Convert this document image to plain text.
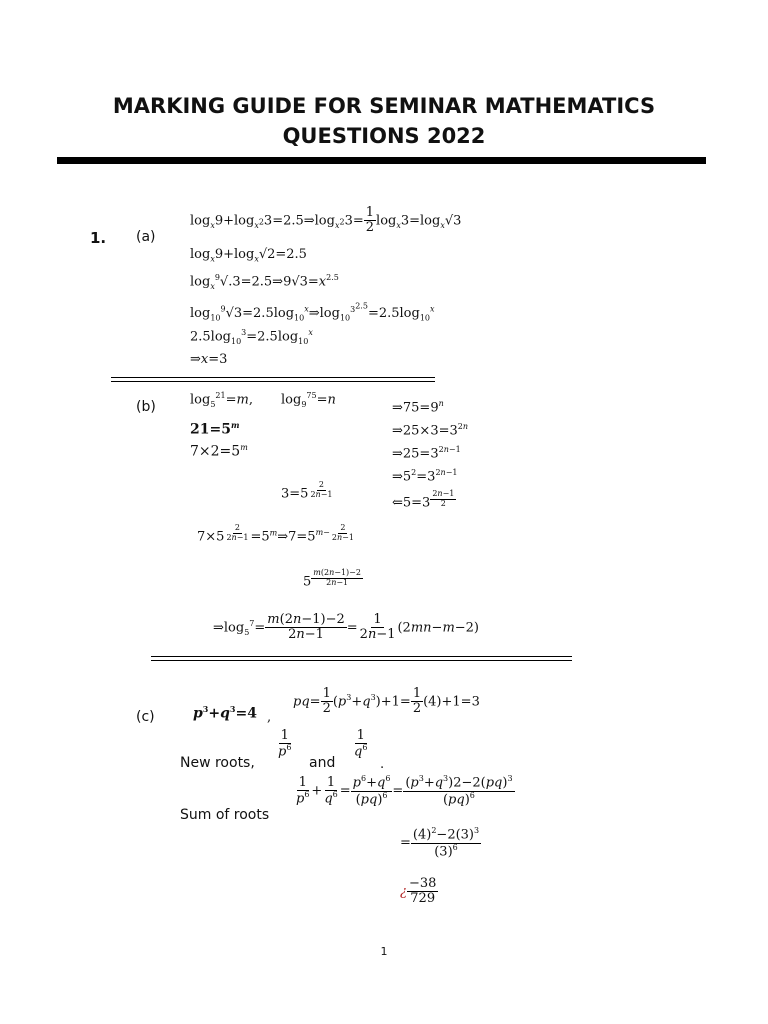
MARKING GUIDE FOR SEMINAR MATHEMATICS
QUESTIONS 2022
1. (a)
$\log_x9+\log_{x^2}3=2.5\Rightarrow\log_{x^2}3= \frac{1}{2} \log_x3=\log_x√3$
$\log_x9+\log_x√2=2.5$
$\log_x^9√.3=2.5\Rightarrow 9√3=x^{2.5}$
$\log_{10}^9√3=2.5\log_{10}^x\Rightarrow\log_{10}^{3^{2.5}}=2.5\log_{10}^x$
$2.5\log_{10}^3=2.5\log_{10}^x$
⇒x=3
(b)	$\log_5^{21}=m$, $\log_9^{75}=n$
$21=5^m$
$7\times 2=5^m$
$\Rightarrow 75=9^n$
$\Rightarrow 25\times 3=3^{2n}$
$\Rightarrow 25=3^{2n-1}$
$\Rightarrow 5^2=3^{2n-1}$
⇐5=3 $^{\frac{2n-1}{2}}$
3=5 $^{\frac{2}{2n-1}}$
7×5 $^{\frac{2}{2n-1}} =5^m\Rightarrow 7=5^{m- \frac{2}{2n-1}}$
5 $^{\frac{m(2n-1)-2}{2n-1}}$
$\Rightarrow\log_5^7= \frac{m(2n-1)-2}{2n-1} = \frac{1}{2n-1} (2mn-m-2)$
(c)	$p^3+q^3=4$ ,
$pq= \frac{1}{2} (p^3+q^3)+1= \frac{1}{2} (4)+1=3$
New roots,
$\frac{1}{p^6}$
and
$\frac{1}{q^6}$
.
Sum of roots
$\frac{1}{p^6} + \frac{1}{q^6} = \frac{p^6+q^6}{(pq)^6} = \frac{(p^3+q^3)2-2(pq)^3}{(pq)^6}$
= $\frac{(4)^2-2(3)^3}{(3)^6}$
¿ $\frac{-38}{729}$
1
